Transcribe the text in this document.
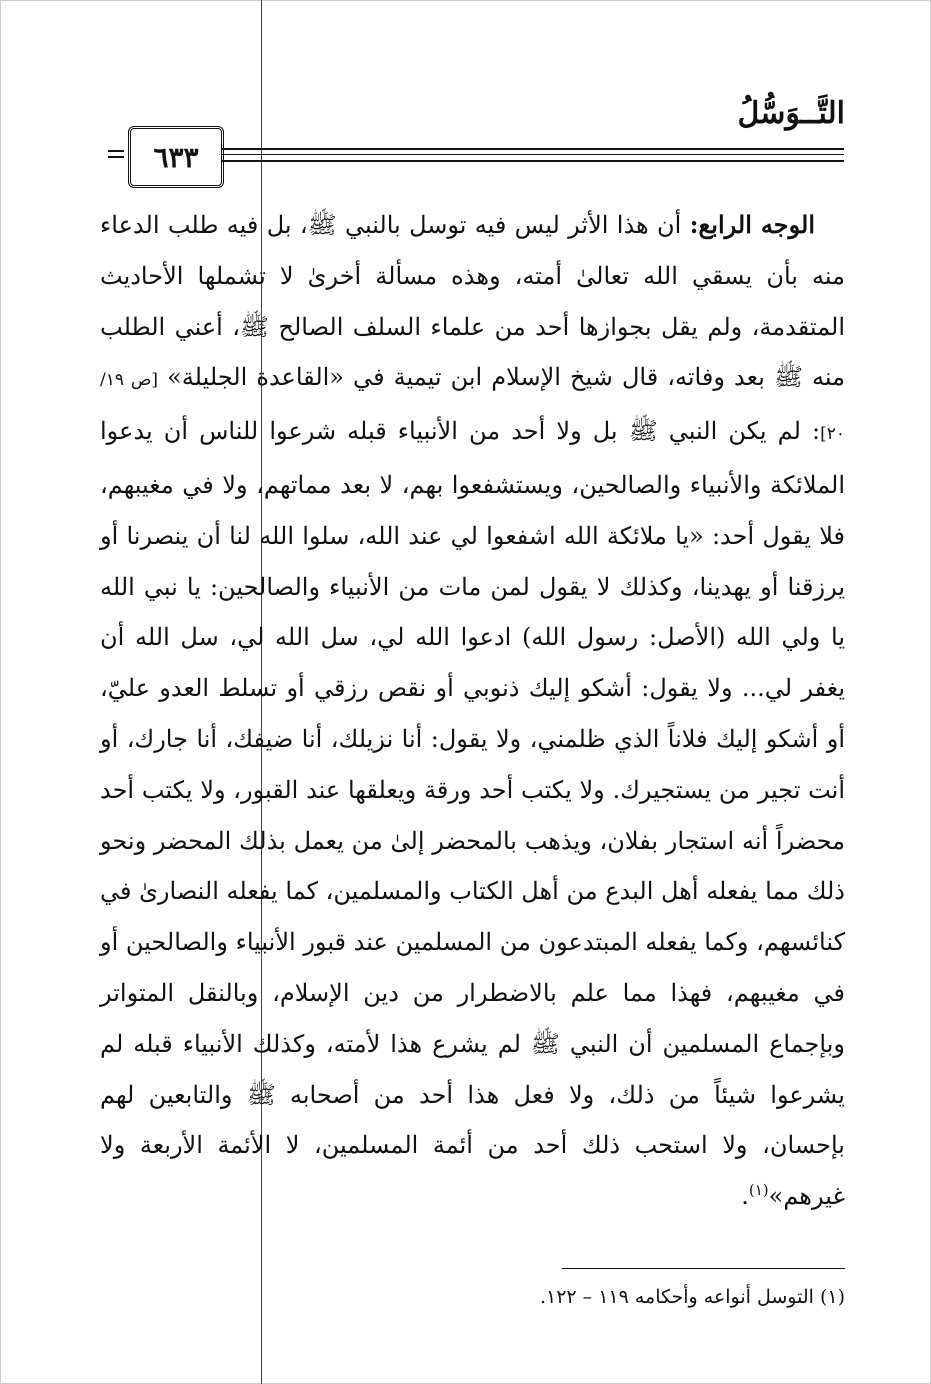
التَّــوَسُّلُ
٦٣٣

الوجه الرابع: أن هذا الأثر ليس فيه توسل بالنبي ﷺ، بل فيه طلب الدعاء منه بأن يسقي الله تعالىٰ أمته، وهذه مسألة أخرىٰ لا تشملها الأحاديث المتقدمة، ولم يقل بجوازها أحد من علماء السلف الصالح ﷺ، أعني الطلب منه ﷺ بعد وفاته، قال شيخ الإسلام ابن تيمية في «القاعدة الجليلة» [ص ١٩/ ٢٠]: لم يكن النبي ﷺ بل ولا أحد من الأنبياء قبله شرعوا للناس أن يدعوا الملائكة والأنبياء والصالحين، ويستشفعوا بهم، لا بعد مماتهم، ولا في مغيبهم، فلا يقول أحد: «يا ملائكة الله اشفعوا لي عند الله، سلوا الله لنا أن ينصرنا أو يرزقنا أو يهدينا، وكذلك لا يقول لمن مات من الأنبياء والصالحين: يا نبي الله يا ولي الله (الأصل: رسول الله) ادعوا الله لي، سل الله لي، سل الله أن يغفر لي... ولا يقول: أشكو إليك ذنوبي أو نقص رزقي أو تسلط العدو عليّ، أو أشكو إليك فلاناً الذي ظلمني، ولا يقول: أنا نزيلك، أنا ضيفك، أنا جارك، أو أنت تجير من يستجيرك. ولا يكتب أحد ورقة ويعلقها عند القبور، ولا يكتب أحد محضراً أنه استجار بفلان، ويذهب بالمحضر إلىٰ من يعمل بذلك المحضر ونحو ذلك مما يفعله أهل البدع من أهل الكتاب والمسلمين، كما يفعله النصارىٰ في كنائسهم، وكما يفعله المبتدعون من المسلمين عند قبور الأنبياء والصالحين أو في مغيبهم، فهذا مما علم بالاضطرار من دين الإسلام، وبالنقل المتواتر وبإجماع المسلمين أن النبي ﷺ لم يشرع هذا لأمته، وكذلك الأنبياء قبله لم يشرعوا شيئاً من ذلك، ولا فعل هذا أحد من أصحابه ﷺ والتابعين لهم بإحسان، ولا استحب ذلك أحد من أئمة المسلمين، لا الأئمة الأربعة ولا غيرهم»$^{(١)}$.

(١) التوسل أنواعه وأحكامه ١١٩ – ١٢٢.
